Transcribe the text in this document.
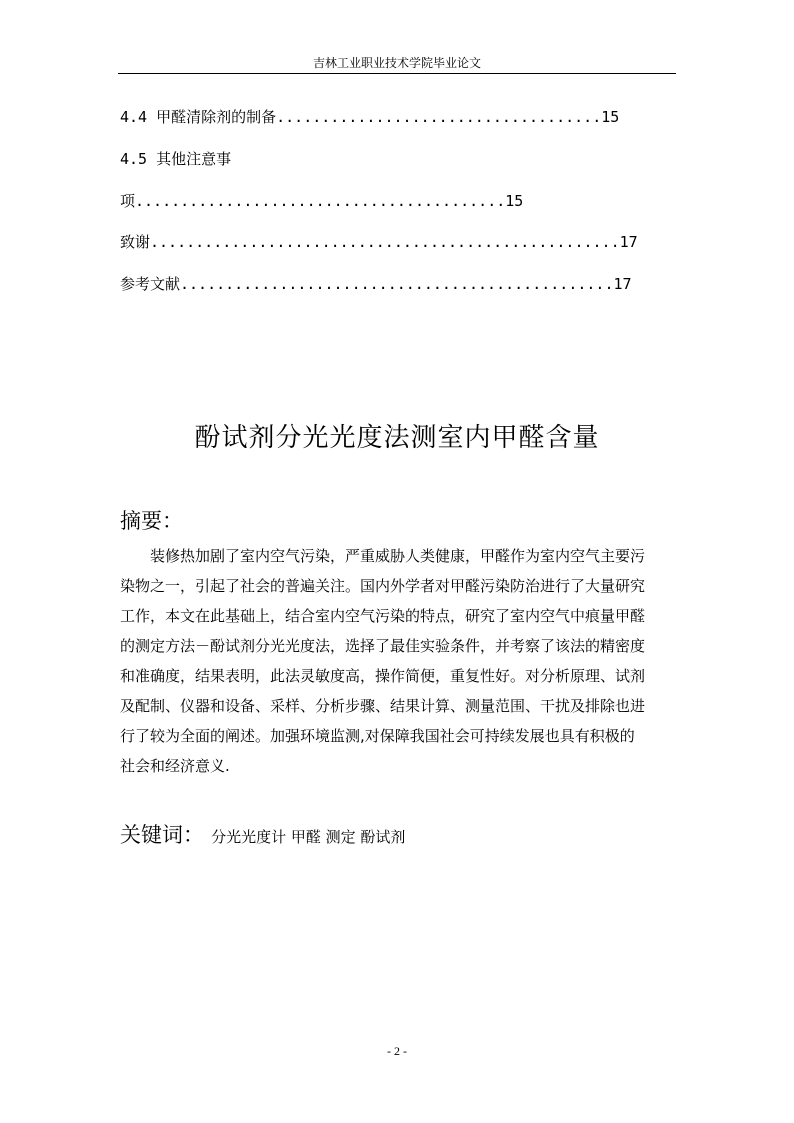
吉林工业职业技术学院毕业论文
4.4 甲醛清除剂的制备....................................15
4.5 其他注意事
项.........................................15
致谢....................................................17
参考文献................................................17
酚试剂分光光度法测室内甲醛含量
摘要：
装修热加剧了室内空气污染，严重威胁人类健康，甲醛作为室内空气主要污
染物之一，引起了社会的普遍关注。国内外学者对甲醛污染防治进行了大量研究
工作，本文在此基础上，结合室内空气污染的特点，研究了室内空气中痕量甲醛
的测定方法－酚试剂分光光度法，选择了最佳实验条件，并考察了该法的精密度
和准确度，结果表明，此法灵敏度高，操作简便，重复性好。对分析原理、试剂
及配制、仪器和设备、采样、分析步骤、结果计算、测量范围、干扰及排除也进
行了较为全面的阐述。加强环境监测,对保障我国社会可持续发展也具有积极的
社会和经济意义.
关键词： 分光光度计 甲醛 测定 酚试剂
- 2 -
